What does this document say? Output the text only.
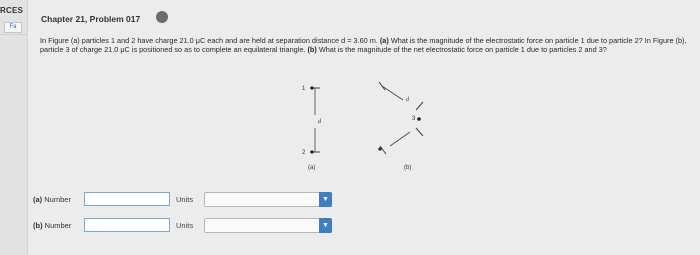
RCES
Fa
Chapter 21, Problem 017
In Figure (a) particles 1 and 2 have charge 21.0 μC each and are held at separation distance d = 3.60 m. (a) What is the magnitude of the electrostatic force on particle 1 due to particle 2? In Figure (b), particle 3 of charge 21.0 μC is positioned so as to complete an equilateral triangle. (b) What is the magnitude of the net electrostatic force on particle 1 due to particles 2 and 3?
1
2
d
(a)
3
d
(b)
(a) Number	Units	▼
(b) Number	Units	▼
